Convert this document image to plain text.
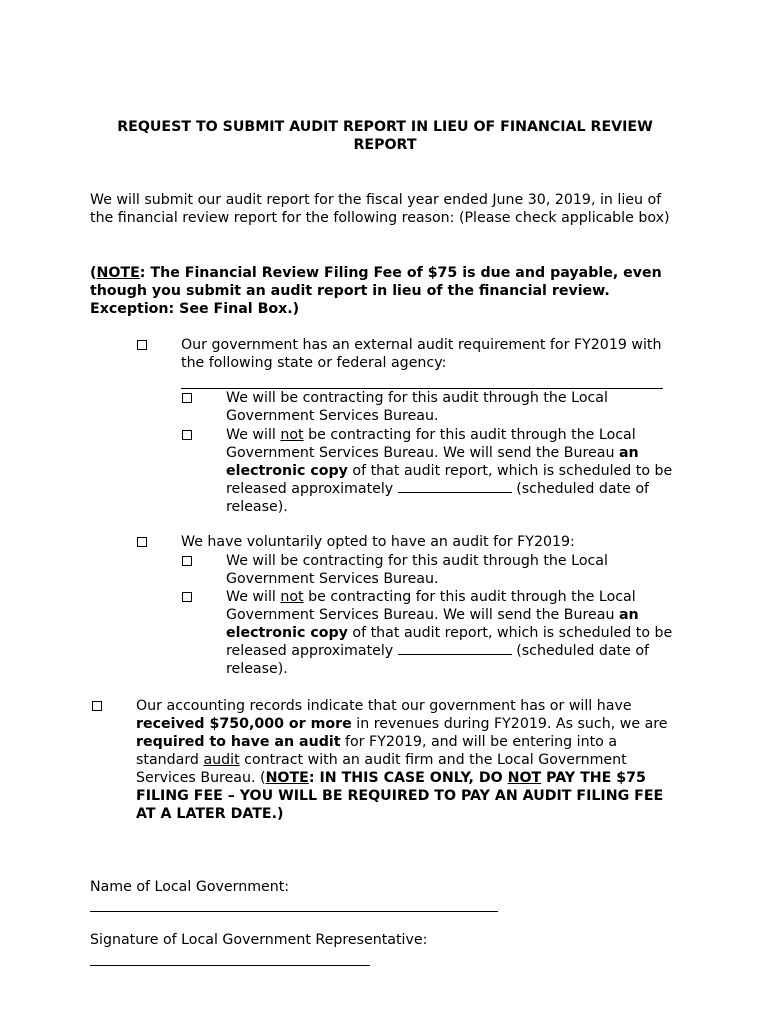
REQUEST TO SUBMIT AUDIT REPORT IN LIEU OF FINANCIAL REVIEW REPORT
We will submit our audit report for the fiscal year ended June 30, 2019, in lieu of the financial review report for the following reason: (Please check applicable box)
(NOTE: The Financial Review Filing Fee of $75 is due and payable, even though you submit an audit report in lieu of the financial review. Exception: See Final Box.)
Our government has an external audit requirement for FY2019 with the following state or federal agency:
We will be contracting for this audit through the Local Government Services Bureau.
We will not be contracting for this audit through the Local Government Services Bureau. We will send the Bureau an electronic copy of that audit report, which is scheduled to be released approximately	(scheduled date of release).
We have voluntarily opted to have an audit for FY2019:
We will be contracting for this audit through the Local Government Services Bureau.
We will not be contracting for this audit through the Local Government Services Bureau. We will send the Bureau an electronic copy of that audit report, which is scheduled to be released approximately	(scheduled date of release).
Our accounting records indicate that our government has or will have received $750,000 or more in revenues during FY2019. As such, we are required to have an audit for FY2019, and will be entering into a standard audit contract with an audit firm and the Local Government Services Bureau. (NOTE: IN THIS CASE ONLY, DO NOT PAY THE $75 FILING FEE – YOU WILL BE REQUIRED TO PAY AN AUDIT FILING FEE AT A LATER DATE.)
Name of Local Government:
Signature of Local Government Representative:
